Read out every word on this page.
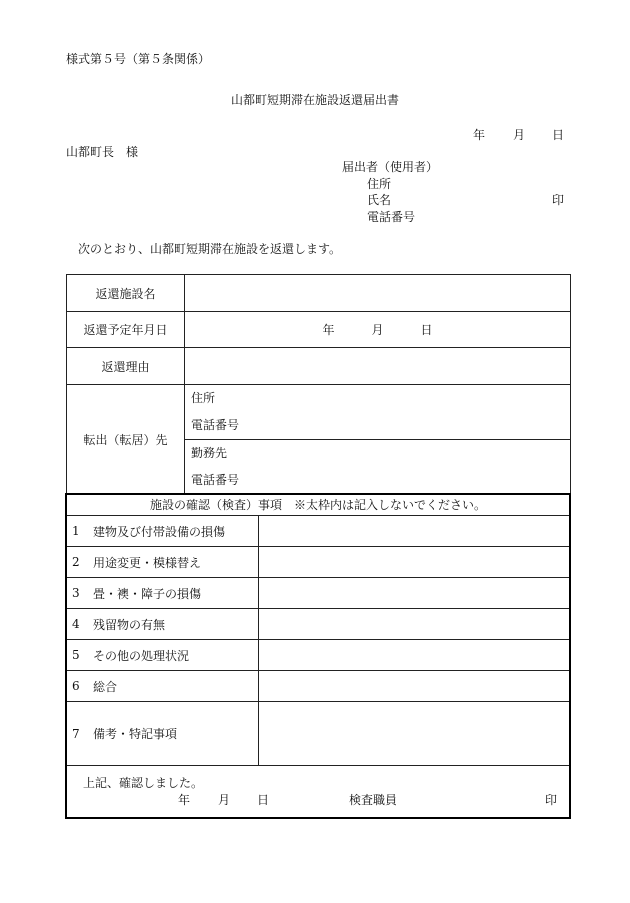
様式第５号（第５条関係）
山都町短期滞在施設返還届出書
年 月 日
山都町長　様
届出者（使用者）
住所
氏名	印
電話番号
次のとおり、山都町短期滞在施設を返還します。
返還施設名	
返還予定年月日	年 月 日

返還理由	
転出（転居）先	住所
電話番号

	勤務先
電話番号
施設の確認（検査）事項　※太枠内は記入しないでください。
1	建物及び付帯設備の損傷
2	用途変更・模様替え
3	畳・襖・障子の損傷
4	残留物の有無
5	その他の処理状況
6	総合
7	備考・特記事項
上記、確認しました。
年 月 日	検査職員	印
